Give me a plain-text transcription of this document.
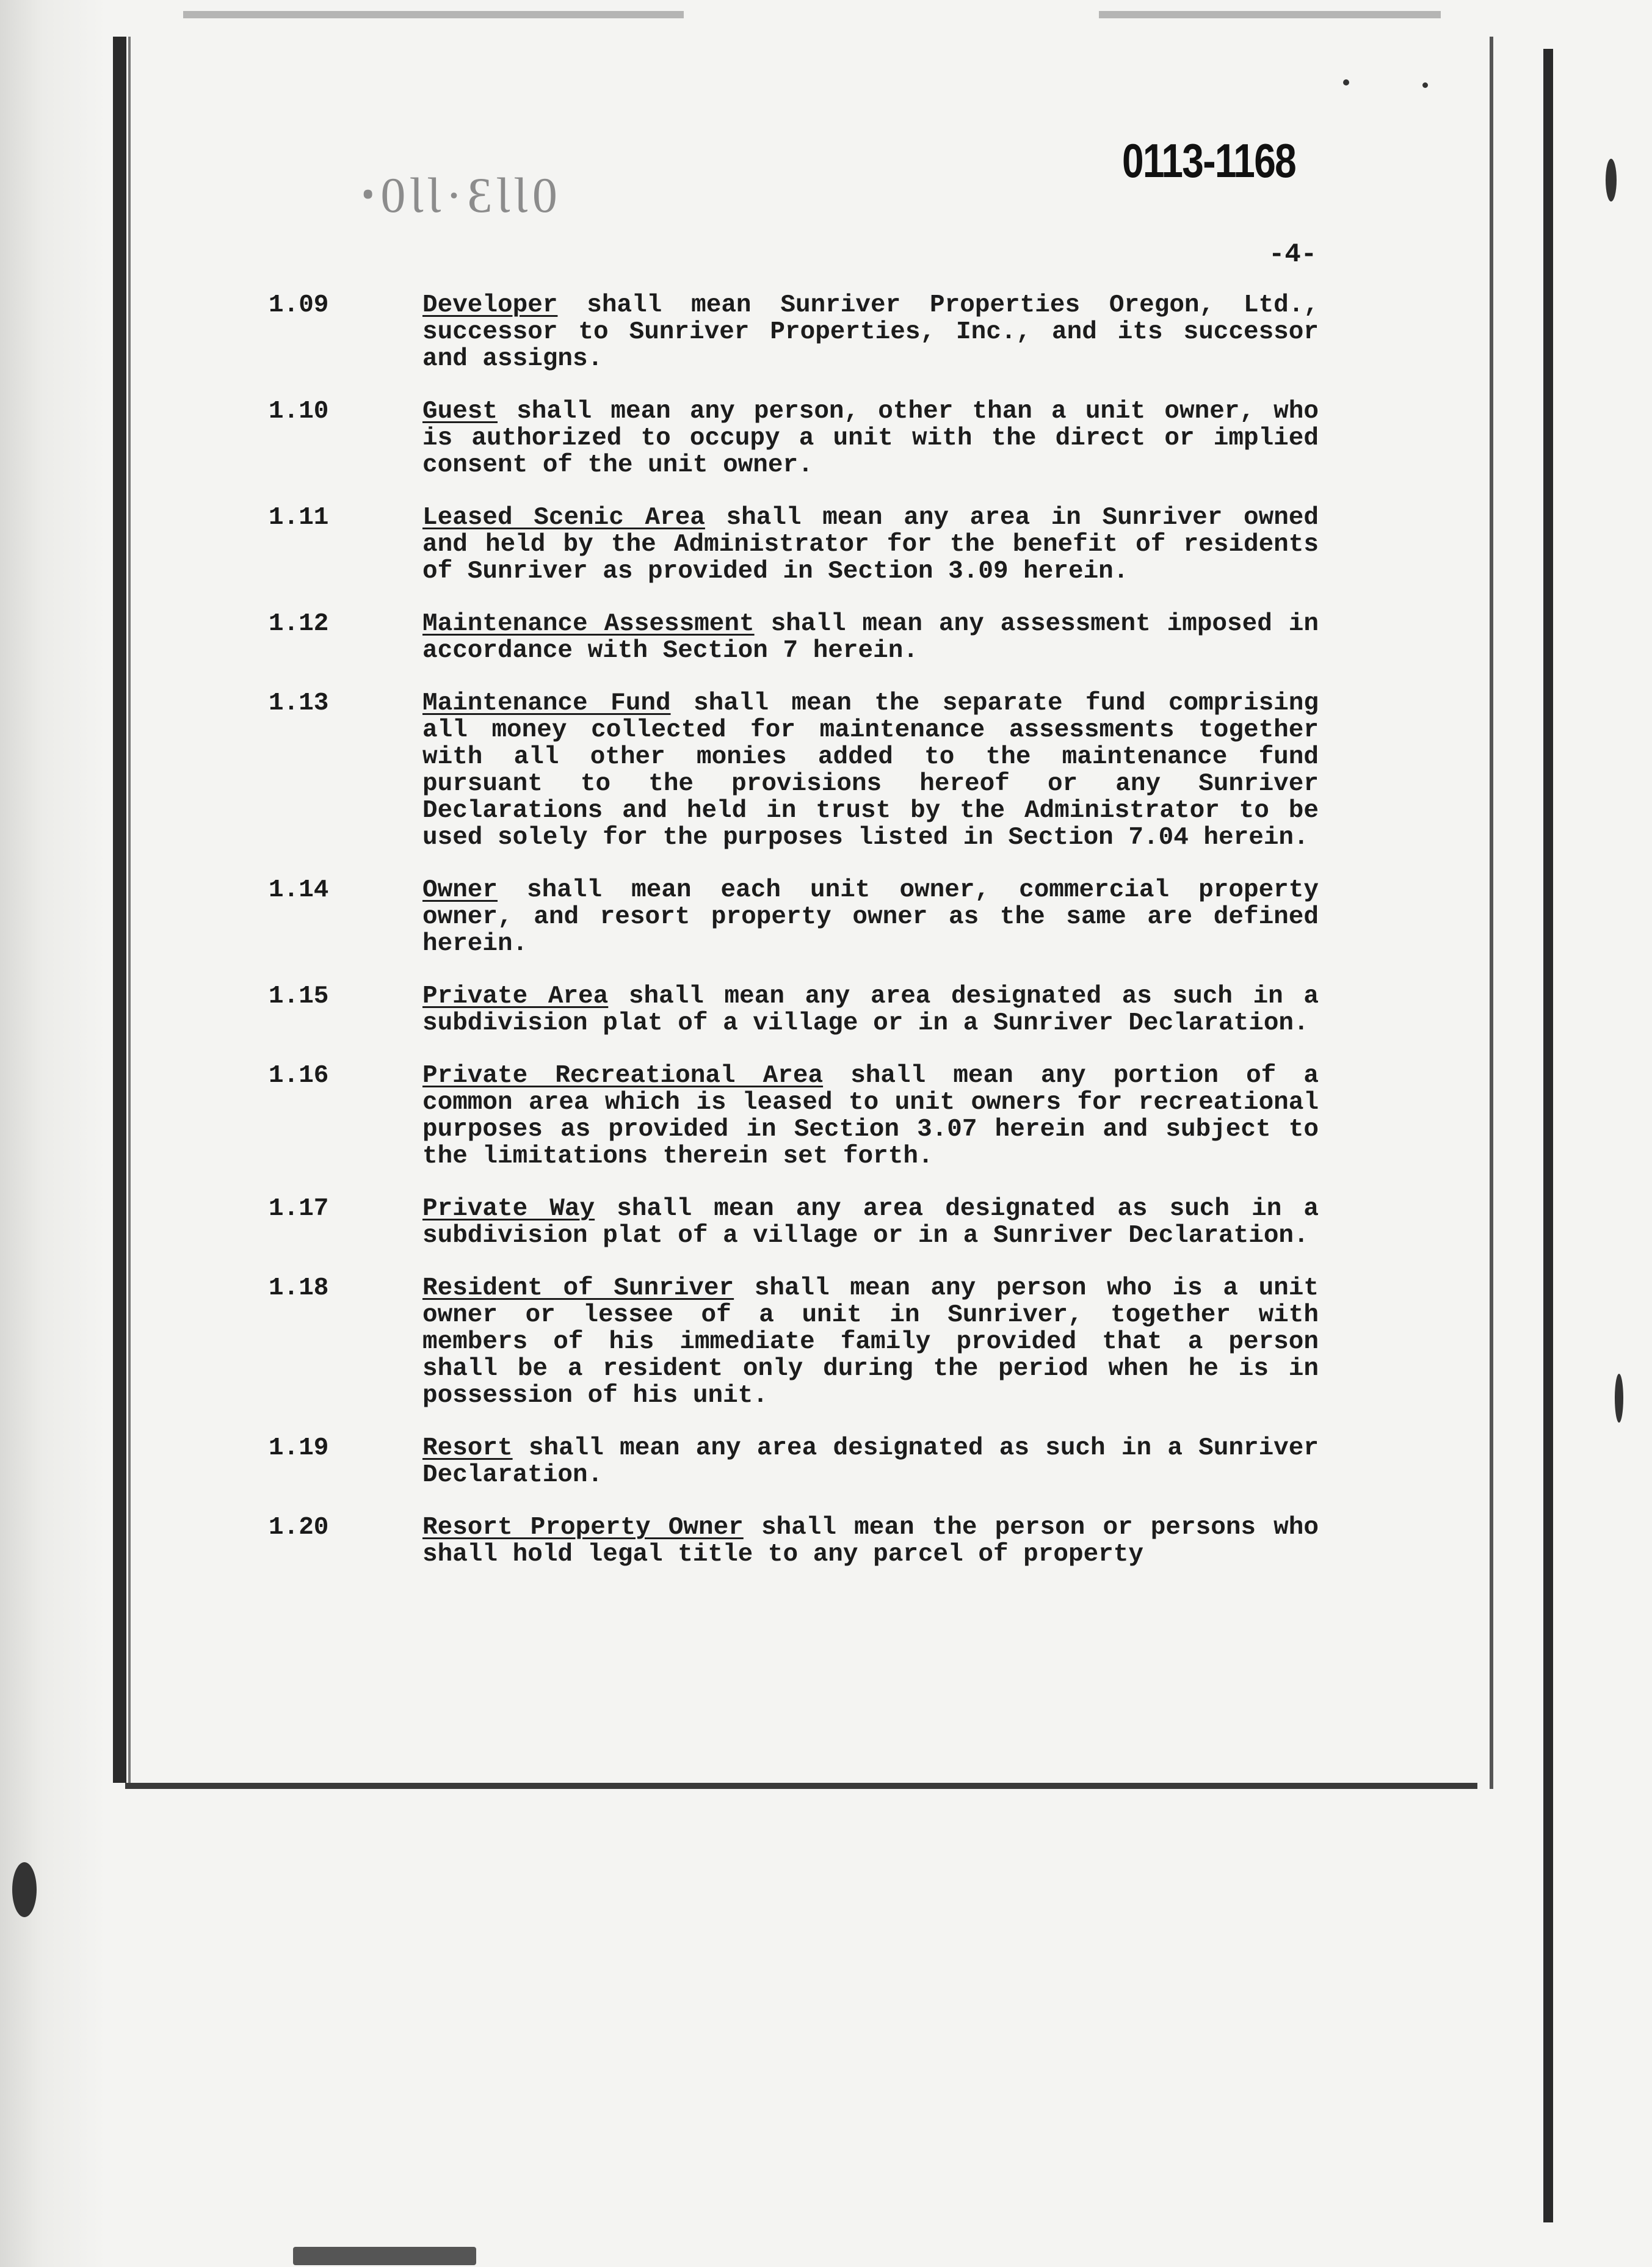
ꞏ0ƖƖ·ƐƖƖ0
0113-1168
-4-
1.09	Developer shall mean Sunriver Properties Oregon, Ltd., successor to Sunriver Properties, Inc., and its successor and assigns.
1.10	Guest shall mean any person, other than a unit owner, who is authorized to occupy a unit with the direct or implied consent of the unit owner.
1.11	Leased Scenic Area shall mean any area in Sunriver owned and held by the Administrator for the benefit of residents of Sunriver as provided in Section 3.09 herein.
1.12	Maintenance Assessment shall mean any assessment imposed in accordance with Section 7 herein.
1.13	Maintenance Fund shall mean the separate fund comprising all money collected for maintenance assessments together with all other monies added to the maintenance fund pursuant to the provisions hereof or any Sunriver Declarations and held in trust by the Administrator to be used solely for the purposes listed in Section 7.04 herein.
1.14	Owner shall mean each unit owner, commercial property owner, and resort property owner as the same are defined herein.
1.15	Private Area shall mean any area designated as such in a subdivision plat of a village or in a Sunriver Declaration.
1.16	Private Recreational Area shall mean any portion of a common area which is leased to unit owners for recreational purposes as provided in Section 3.07 herein and subject to the limitations therein set forth.
1.17	Private Way shall mean any area designated as such in a subdivision plat of a village or in a Sunriver Declaration.
1.18	Resident of Sunriver shall mean any person who is a unit owner or lessee of a unit in Sunriver, together with members of his immediate family provided that a person shall be a resident only during the period when he is in possession of his unit.
1.19	Resort shall mean any area designated as such in a Sunriver Declaration.
1.20	Resort Property Owner shall mean the person or persons who shall hold legal title to any parcel of property
